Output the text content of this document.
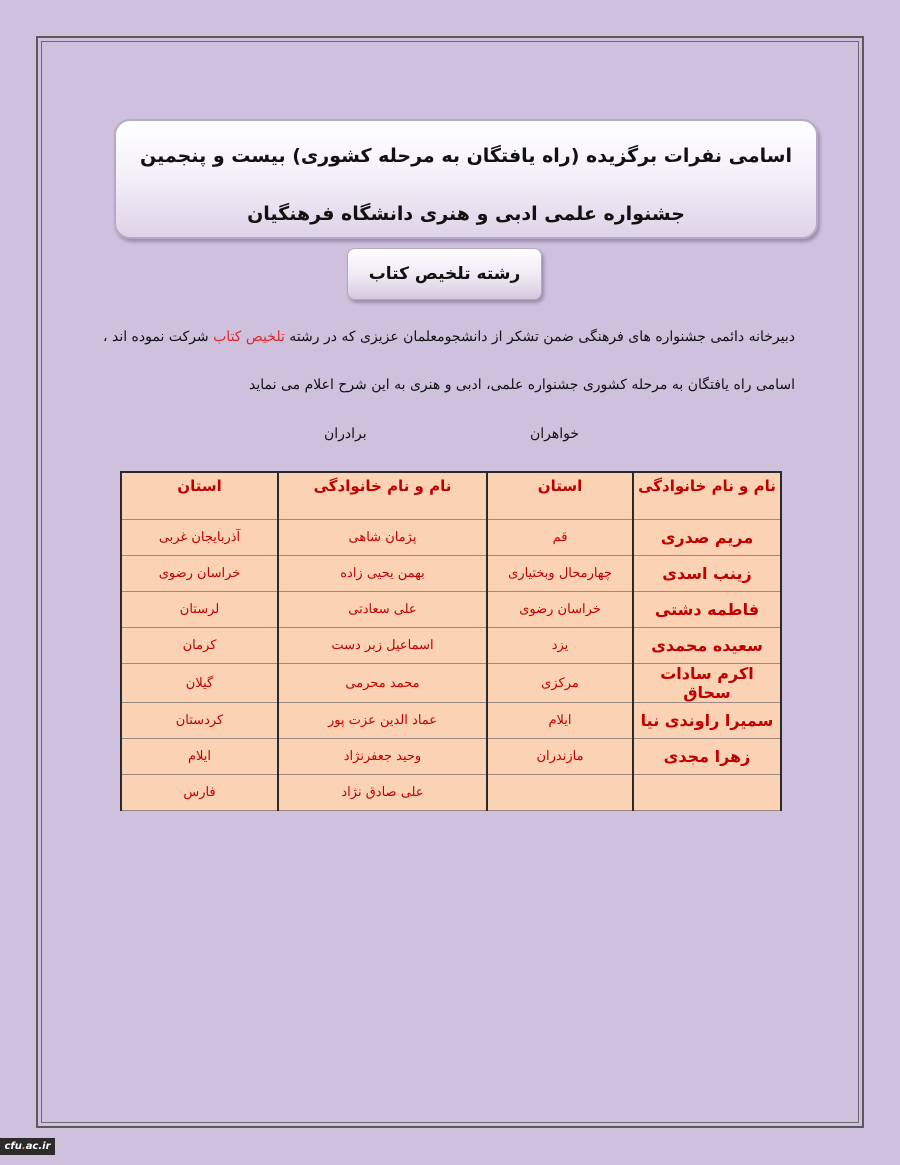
اسامی نفرات برگزیده (راه یافتگان به مرحله کشوری) بیست و پنجمین
جشنواره علمی ادبی و هنری دانشگاه فرهنگیان
رشته تلخیص کتاب
دبیرخانه دائمی جشنواره های فرهنگی ضمن تشکر از دانشجومعلمان عزیزی که در رشته تلخیص کتاب شرکت نموده اند ،
اسامی راه یافتگان به مرحله کشوری جشنواره علمی، ادبی و هنری به این شرح اعلام می نماید
خواهران
برادران
نام و نام خانوادگی	استان	نام و نام خانوادگی	استان
مریم صدری	قم	پژمان شاهی	آذربایجان غربی
زینب اسدی	چهارمحال وبختیاری	بهمن یحیی زاده	خراسان رضوی
فاطمه دشتی	خراسان رضوی	علی سعادتی	لرستان
سعیده محمدی	یزد	اسماعیل زبر دست	کرمان
اکرم سادات سحاق	مرکزی	محمد محرمی	گیلان
سمیرا راوندی نیا	ایلام	عماد الدین عزت پور	کردستان
زهرا مجدی	مازندران	وحید جعفرنژاد	ایلام
		علی صادق نژاد	فارس
cfu.ac.ir
